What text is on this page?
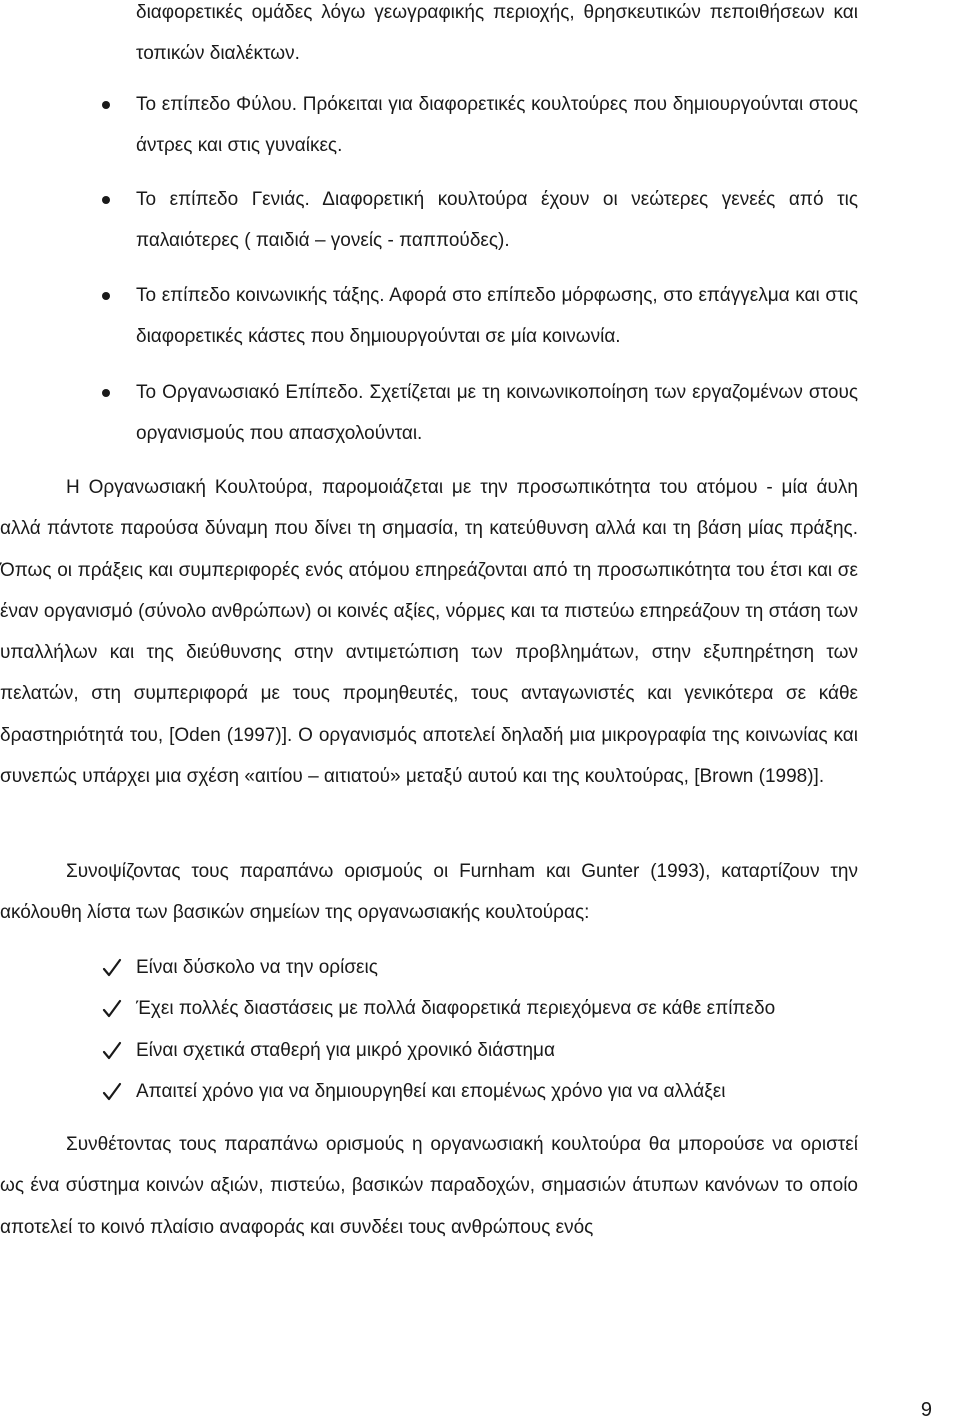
διαφορετικές ομάδες λόγω γεωγραφικής περιοχής, θρησκευτικών πεποιθήσεων και τοπικών διαλέκτων.
Το επίπεδο Φύλου. Πρόκειται για διαφορετικές κουλτούρες που δημιουργούνται στους άντρες και στις γυναίκες.
Το επίπεδο Γενιάς. Διαφορετική κουλτούρα έχουν οι νεώτερες γενεές από τις παλαιότερες ( παιδιά – γονείς - παππούδες).
Το επίπεδο κοινωνικής τάξης. Αφορά στο επίπεδο μόρφωσης, στο επάγγελμα και στις διαφορετικές κάστες που δημιουργούνται σε μία κοινωνία.
Το Οργανωσιακό Επίπεδο. Σχετίζεται με τη κοινωνικοποίηση των εργαζομένων στους οργανισμούς που απασχολούνται.

Η Οργανωσιακή Κουλτούρα, παρομοιάζεται με την προσωπικότητα του ατόμου - μία άυλη αλλά πάντοτε παρούσα δύναμη που δίνει τη σημασία, τη κατεύθυνση αλλά και τη βάση μίας πράξης. Όπως οι πράξεις και συμπεριφορές ενός ατόμου επηρεάζονται από τη προσωπικότητα του έτσι και σε έναν οργανισμό (σύνολο ανθρώπων) οι κοινές αξίες, νόρμες και τα πιστεύω επηρεάζουν τη στάση των υπαλλήλων και της διεύθυνσης στην αντιμετώπιση των προβλημάτων, στην εξυπηρέτηση των πελατών, στη συμπεριφορά με τους προμηθευτές, τους ανταγωνιστές και γενικότερα σε κάθε δραστηριότητά του, [Oden (1997)]. Ο οργανισμός αποτελεί δηλαδή μια μικρογραφία της κοινωνίας και συνεπώς υπάρχει μια σχέση «αιτίου – αιτιατού» μεταξύ αυτού και της κουλτούρας, [Brown (1998)].

Συνοψίζοντας τους παραπάνω ορισμούς οι Furnham και Gunter (1993), καταρτίζουν την ακόλουθη λίστα των βασικών σημείων της οργανωσιακής κουλτούρας:

Είναι δύσκολο να την ορίσεις
Έχει πολλές διαστάσεις με πολλά διαφορετικά περιεχόμενα σε κάθε επίπεδο
Είναι σχετικά σταθερή για μικρό χρονικό διάστημα
Απαιτεί χρόνο για να δημιουργηθεί και επομένως χρόνο για να αλλάξει

Συνθέτοντας τους παραπάνω ορισμούς η οργανωσιακή κουλτούρα θα μπορούσε να οριστεί ως ένα σύστημα κοινών αξιών, πιστεύω, βασικών παραδοχών, σημασιών άτυπων κανόνων το οποίο αποτελεί το κοινό πλαίσιο αναφοράς και συνδέει τους ανθρώπους ενός

9
